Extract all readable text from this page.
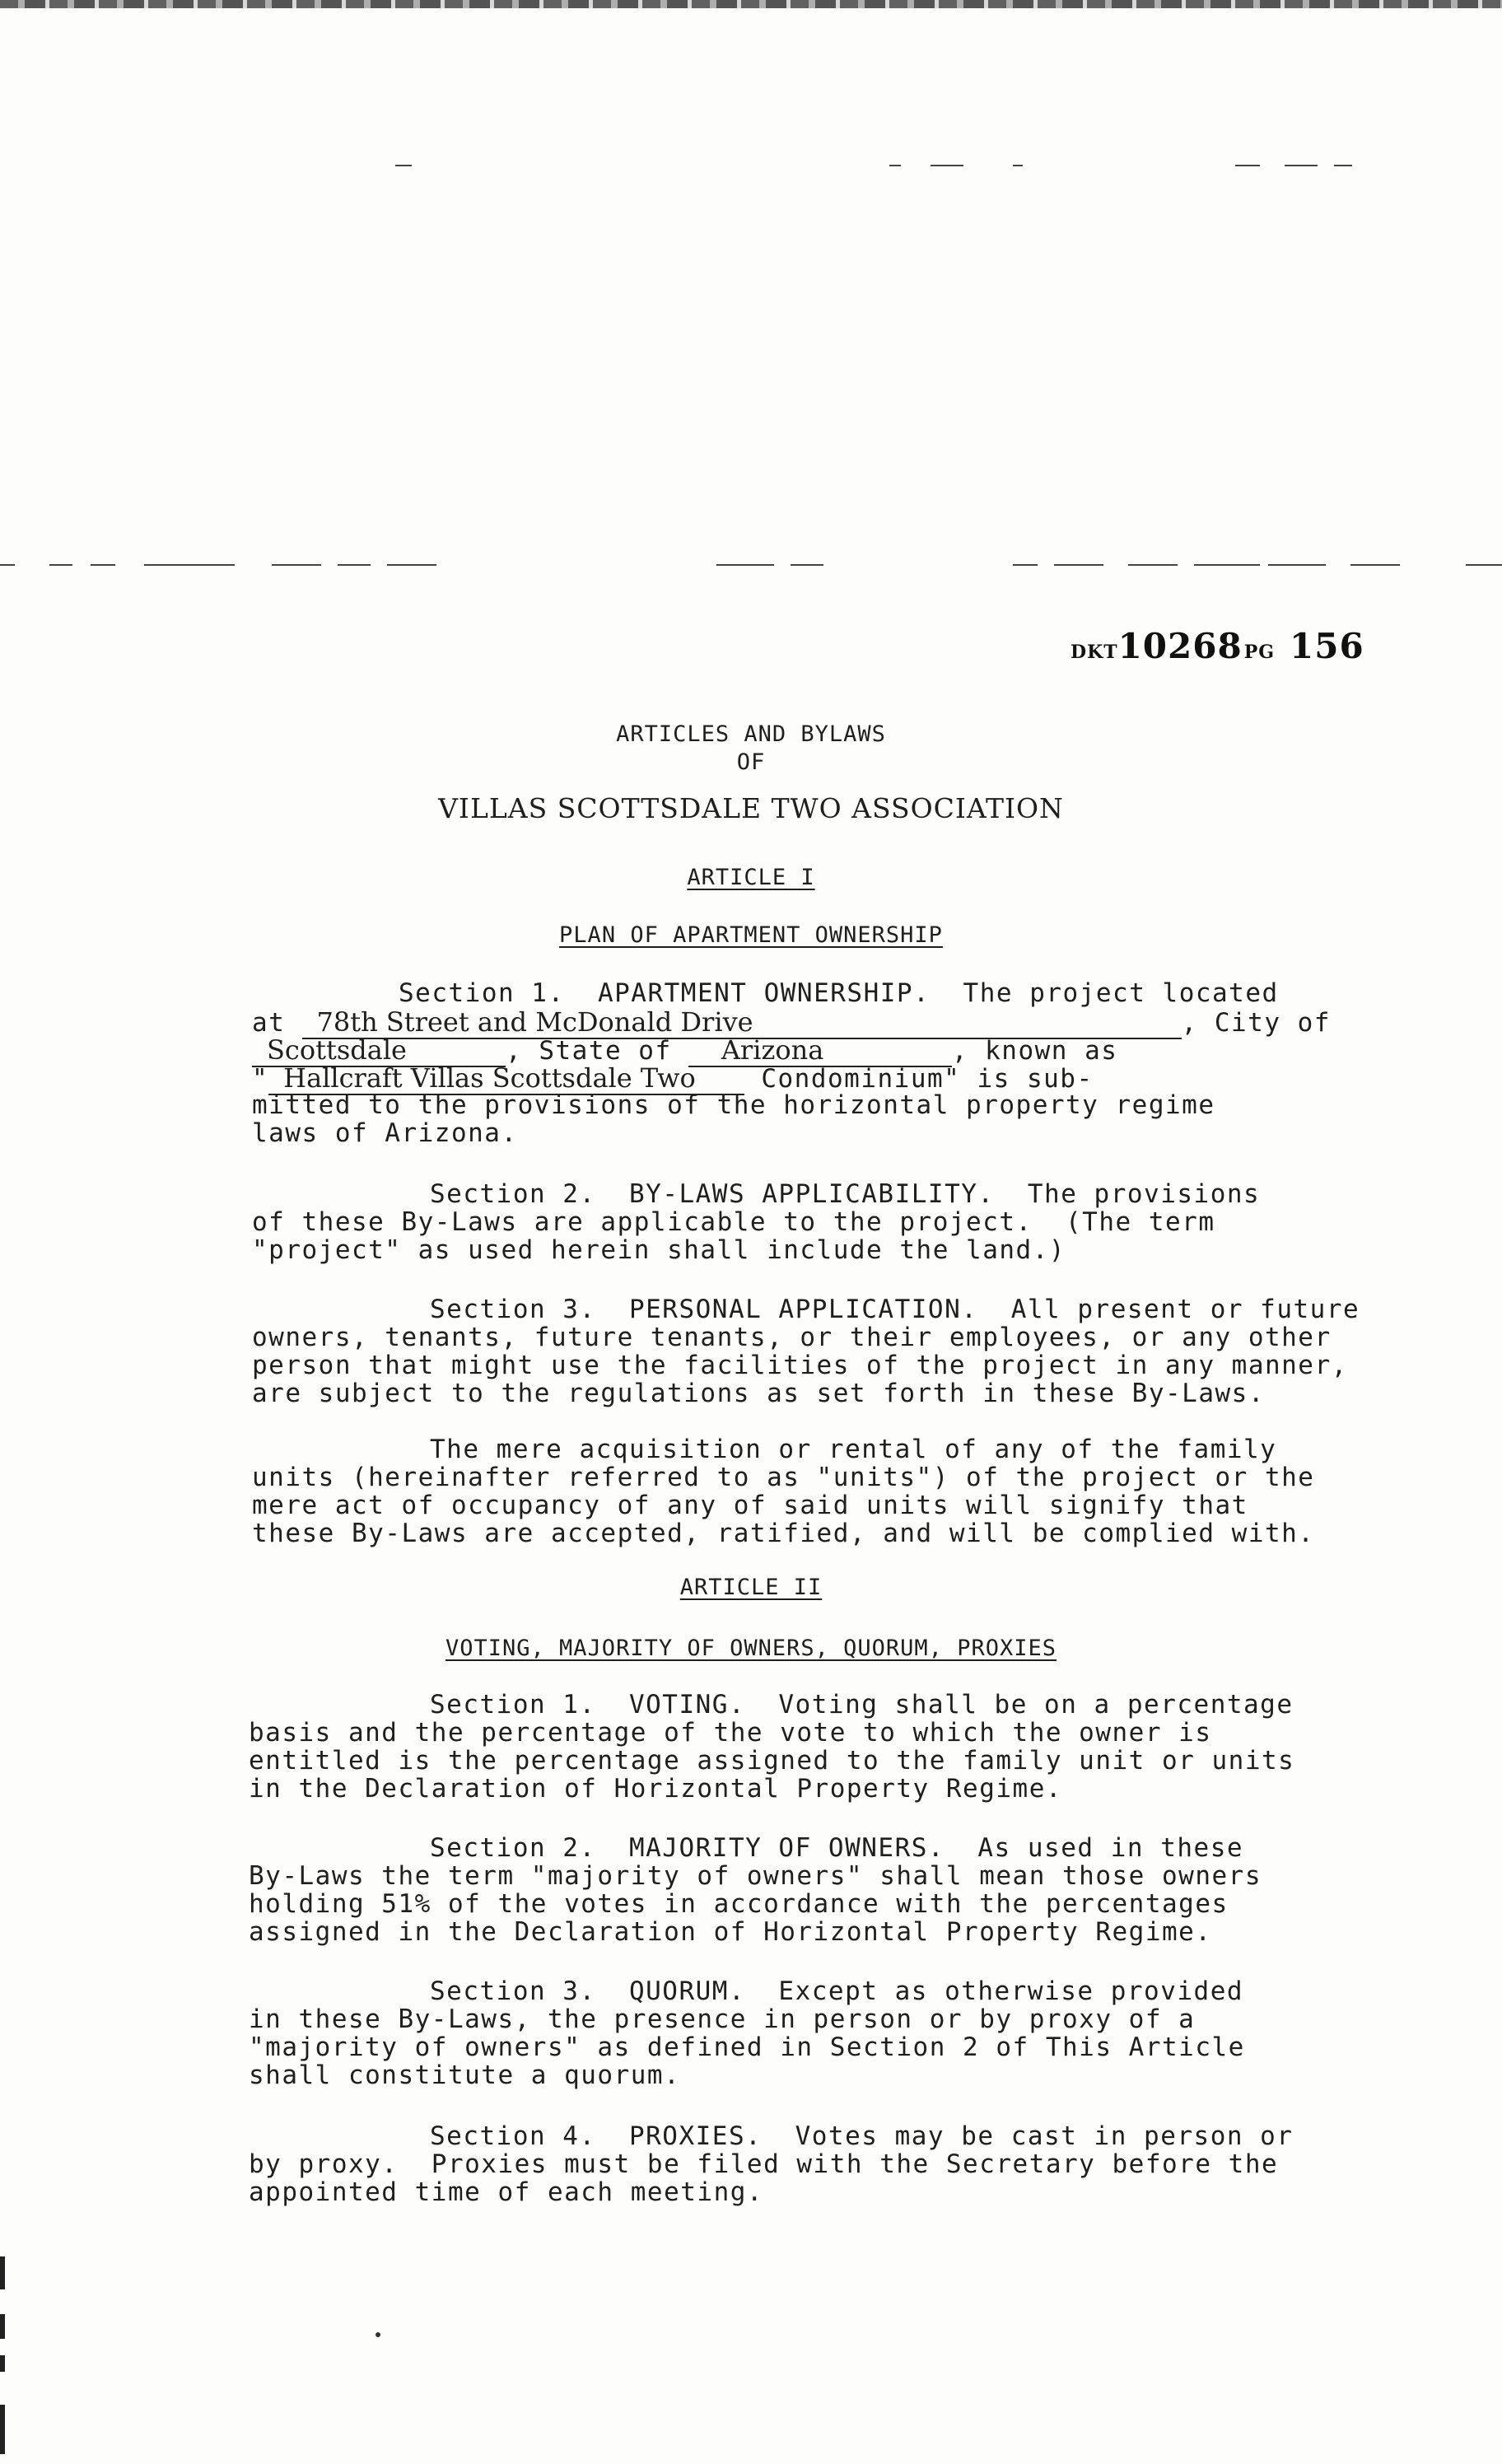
DKT10268PG 156
ARTICLES AND BYLAWS
OF
VILLAS SCOTTSDALE TWO ASSOCIATION
ARTICLE I
PLAN OF APARTMENT OWNERSHIP
Section 1.  APARTMENT OWNERSHIP.  The project located
at 78th Street and McDonald Drive	, City of
Scottsdale	, State of Arizona	, known as
" Hallcraft Villas Scottsdale Two	Condominium" is sub-
mitted to the provisions of the horizontal property regime
laws of Arizona.
Section 2.  BY-LAWS APPLICABILITY.  The provisions
of these By-Laws are applicable to the project.  (The term
"project" as used herein shall include the land.)
Section 3.  PERSONAL APPLICATION.  All present or future
owners, tenants, future tenants, or their employees, or any other
person that might use the facilities of the project in any manner,
are subject to the regulations as set forth in these By-Laws.
The mere acquisition or rental of any of the family
units (hereinafter referred to as "units") of the project or the
mere act of occupancy of any of said units will signify that
these By-Laws are accepted, ratified, and will be complied with.
ARTICLE II
VOTING, MAJORITY OF OWNERS, QUORUM, PROXIES
Section 1.  VOTING.  Voting shall be on a percentage
basis and the percentage of the vote to which the owner is
entitled is the percentage assigned to the family unit or units
in the Declaration of Horizontal Property Regime.
Section 2.  MAJORITY OF OWNERS.  As used in these
By-Laws the term "majority of owners" shall mean those owners
holding 51% of the votes in accordance with the percentages
assigned in the Declaration of Horizontal Property Regime.
Section 3.  QUORUM.  Except as otherwise provided
in these By-Laws, the presence in person or by proxy of a
"majority of owners" as defined in Section 2 of This Article
shall constitute a quorum.
Section 4.  PROXIES.  Votes may be cast in person or
by proxy.  Proxies must be filed with the Secretary before the
appointed time of each meeting.
